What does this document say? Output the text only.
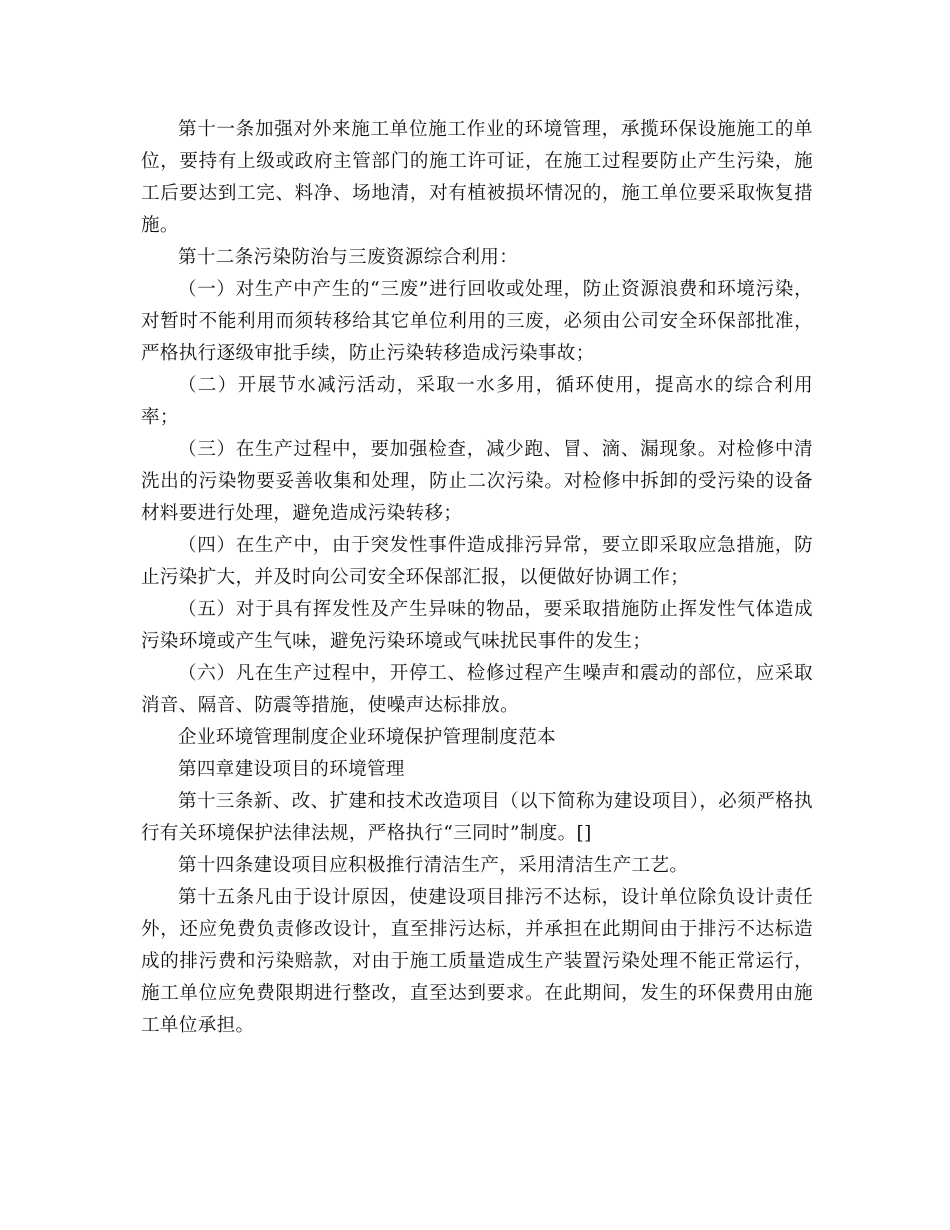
第十一条加强对外来施工单位施工作业的环境管理，承揽环保设施施工的单位，要持有上级或政府主管部门的施工许可证，在施工过程要防止产生污染，施工后要达到工完、料净、场地清，对有植被损坏情况的，施工单位要采取恢复措施。

第十二条污染防治与三废资源综合利用：

（一）对生产中产生的“三废”进行回收或处理，防止资源浪费和环境污染，对暂时不能利用而须转移给其它单位利用的三废，必须由公司安全环保部批准，严格执行逐级审批手续，防止污染转移造成污染事故；

（二）开展节水减污活动，采取一水多用，循环使用，提高水的综合利用率；

（三）在生产过程中，要加强检查，减少跑、冒、滴、漏现象。对检修中清洗出的污染物要妥善收集和处理，防止二次污染。对检修中拆卸的受污染的设备材料要进行处理，避免造成污染转移；

（四）在生产中，由于突发性事件造成排污异常，要立即采取应急措施，防止污染扩大，并及时向公司安全环保部汇报，以便做好协调工作；

（五）对于具有挥发性及产生异味的物品，要采取措施防止挥发性气体造成污染环境或产生气味，避免污染环境或气味扰民事件的发生；

（六）凡在生产过程中，开停工、检修过程产生噪声和震动的部位，应采取消音、隔音、防震等措施，使噪声达标排放。

企业环境管理制度企业环境保护管理制度范本

第四章建设项目的环境管理

第十三条新、改、扩建和技术改造项目（以下简称为建设项目），必须严格执行有关环境保护法律法规，严格执行“三同时”制度。[]

第十四条建设项目应积极推行清洁生产，采用清洁生产工艺。

第十五条凡由于设计原因，使建设项目排污不达标，设计单位除负设计责任外，还应免费负责修改设计，直至排污达标，并承担在此期间由于排污不达标造成的排污费和污染赔款，对由于施工质量造成生产装置污染处理不能正常运行，施工单位应免费限期进行整改，直至达到要求。在此期间，发生的环保费用由施工单位承担。
